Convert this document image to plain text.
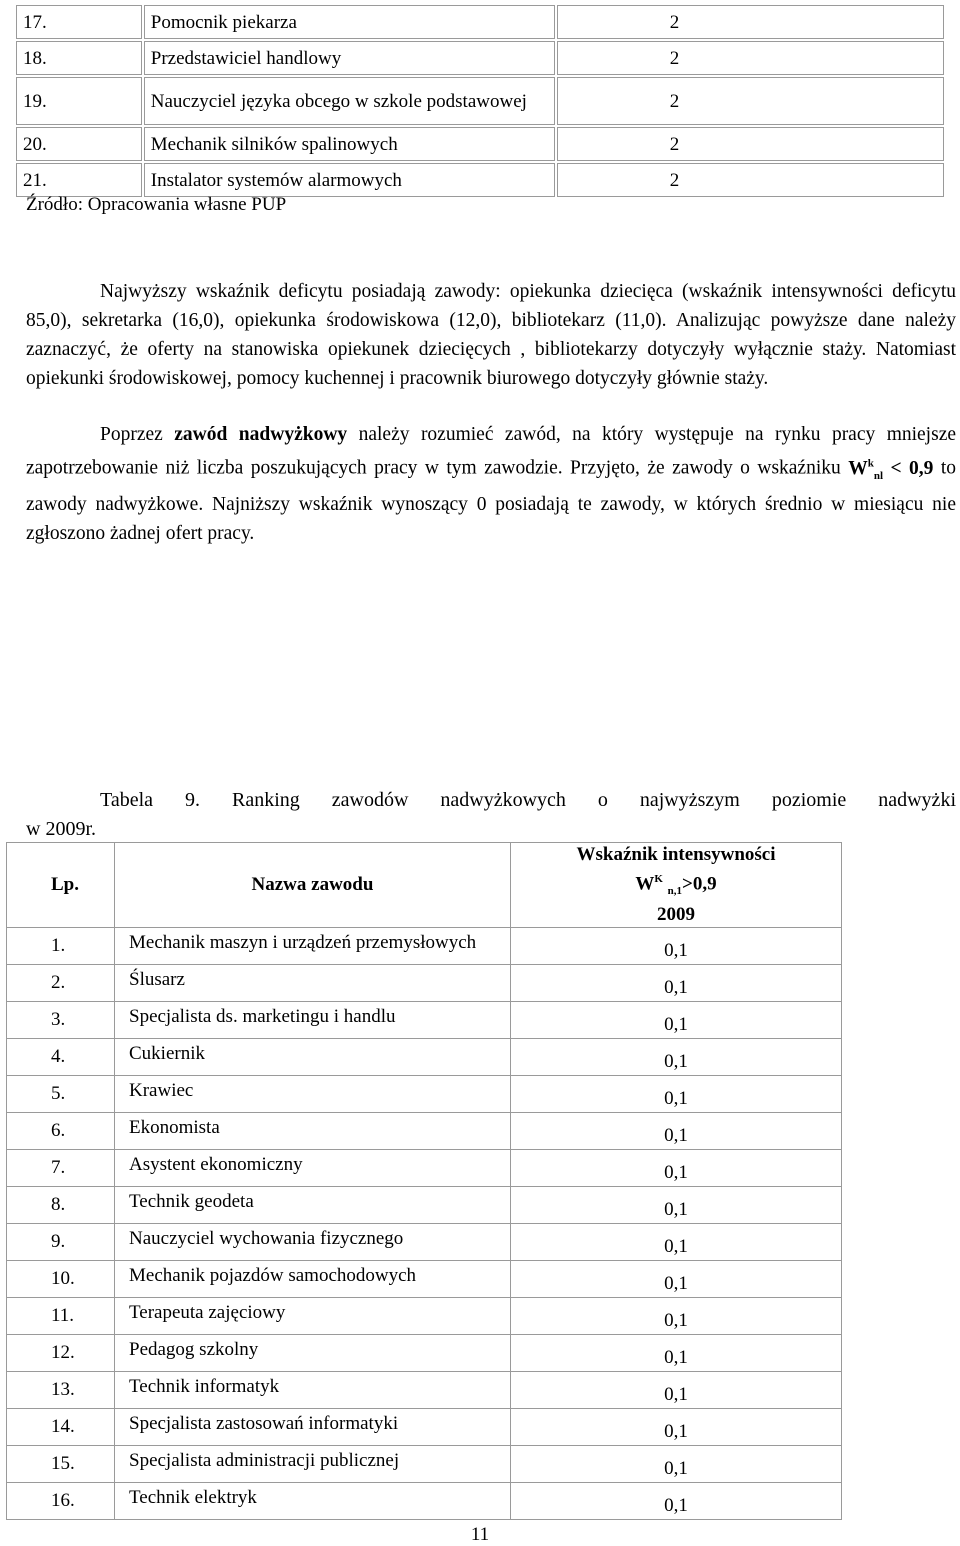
17.	Pomocnik piekarza	2
18.	Przedstawiciel handlowy	2
19.	Nauczyciel języka obcego w szkole podstawowej	2
20.	Mechanik silników spalinowych	2
21.	Instalator systemów alarmowych	2
Źródło: Opracowania własne PUP

Najwyższy wskaźnik deficytu posiadają zawody: opiekunka dziecięca (wskaźnik intensywności deficytu 85,0), sekretarka (16,0), opiekunka środowiskowa (12,0), bibliotekarz (11,0). Analizując powyższe dane należy zaznaczyć, że oferty na stanowiska opiekunek dziecięcych , bibliotekarzy dotyczyły wyłącznie staży. Natomiast opiekunki środowiskowej, pomocy kuchennej i pracownik biurowego dotyczyły głównie staży.

Poprzez zawód nadwyżkowy należy rozumieć zawód, na który występuje na rynku pracy mniejsze zapotrzebowanie niż liczba poszukujących pracy w tym zawodzie. Przyjęto, że zawody o wskaźniku $W^k_{nl} < 0,9$ to zawody nadwyżkowe. Najniższy wskaźnik wynoszący 0 posiadają te zawody, w których średnio w miesiącu nie zgłoszono żadnej ofert pracy.

Tabela 9. Ranking zawodów nadwyżkowych o najwyższym poziomie nadwyżki
w 2009r.
Lp.	Nazwa zawodu	Wskaźnik intensywności
$W^K$ $_{n,1}$>0,9
2009

1.	Mechanik maszyn i urządzeń przemysłowych	0,1
2.	Ślusarz	0,1
3.	Specjalista ds. marketingu i handlu	0,1
4.	Cukiernik	0,1
5.	Krawiec	0,1
6.	Ekonomista	0,1
7.	Asystent ekonomiczny	0,1
8.	Technik geodeta	0,1
9.	Nauczyciel wychowania fizycznego	0,1
10.	Mechanik pojazdów samochodowych	0,1
11.	Terapeuta zajęciowy	0,1
12.	Pedagog szkolny	0,1
13.	Technik informatyk	0,1
14.	Specjalista zastosowań informatyki	0,1
15.	Specjalista administracji publicznej	0,1
16.	Technik elektryk	0,1
11
